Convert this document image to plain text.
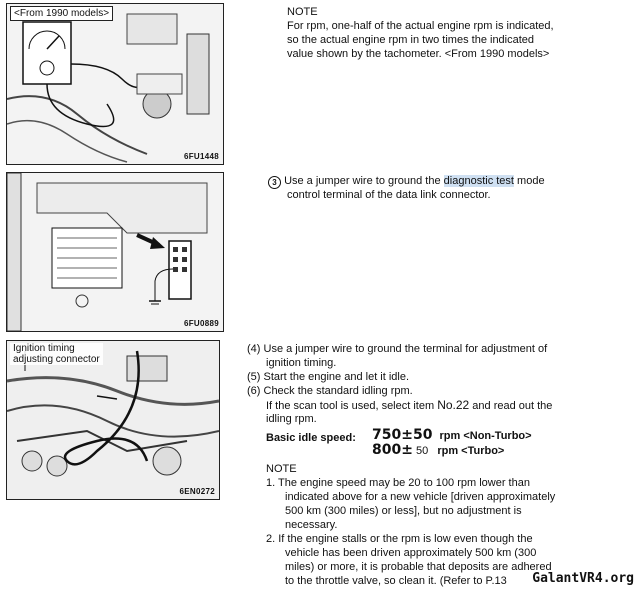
<From 1990 models>
6FU1448
6FU0889
Ignition timing
adjusting connector
6EN0272
NOTE
For rpm, one-half of the actual engine rpm is indicated,
so the actual engine rpm in two times the indicated
value shown by the tachometer. <From 1990 models>
3 Use a jumper wire to ground the diagnostic test mode
control terminal of the data link connector.
(4) Use a jumper wire to ground the terminal for adjustment of
ignition timing.
(5) Start the engine and let it idle.
(6) Check the standard idling rpm.
If the scan tool is used, select item No.22 and read out the
idling rpm.
Basic idle speed: 750±50 rpm <Non-Turbo>
800± 50 rpm <Turbo>
NOTE
1. The engine speed may be 20 to 100 rpm lower than
indicated above for a new vehicle [driven approximately
500 km (300 miles) or less], but no adjustment is
necessary.
2. If the engine stalls or the rpm is low even though the
vehicle has been driven approximately 500 km (300
miles) or more, it is probable that deposits are adhered
to the throttle valve, so clean it. (Refer to P.13 GalantVR4.org
